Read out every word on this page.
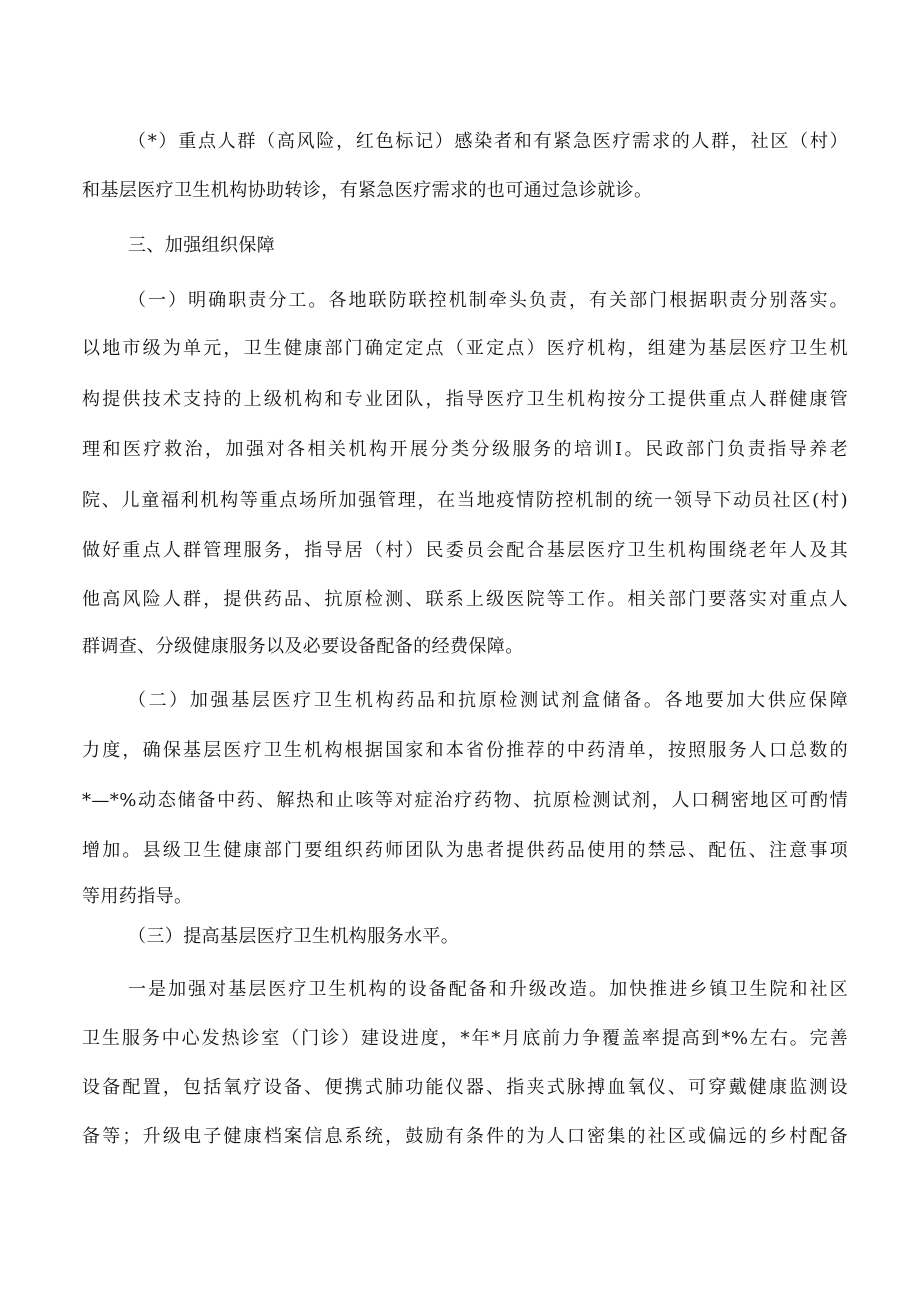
（*）重点人群（高风险，红色标记）感染者和有紧急医疗需求的人群，社区（村）
和基层医疗卫生机构协助转诊，有紧急医疗需求的也可通过急诊就诊。
三、加强组织保障
（一）明确职责分工。各地联防联控机制牵头负责，有关部门根据职责分别落实。
以地市级为单元，卫生健康部门确定定点（亚定点）医疗机构，组建为基层医疗卫生机
构提供技术支持的上级机构和专业团队，指导医疗卫生机构按分工提供重点人群健康管
理和医疗救治，加强对各相关机构开展分类分级服务的培训I。民政部门负责指导养老
院、儿童福利机构等重点场所加强管理，在当地疫情防控机制的统一领导下动员社区(村)
做好重点人群管理服务，指导居（村）民委员会配合基层医疗卫生机构围绕老年人及其
他高风险人群，提供药品、抗原检测、联系上级医院等工作。相关部门要落实对重点人
群调查、分级健康服务以及必要设备配备的经费保障。
（二）加强基层医疗卫生机构药品和抗原检测试剂盒储备。各地要加大供应保障
力度，确保基层医疗卫生机构根据国家和本省份推荐的中药清单，按照服务人口总数的
*—*%动态储备中药、解热和止咳等对症治疗药物、抗原检测试剂，人口稠密地区可酌情
增加。县级卫生健康部门要组织药师团队为患者提供药品使用的禁忌、配伍、注意事项
等用药指导。
（三）提高基层医疗卫生机构服务水平。
一是加强对基层医疗卫生机构的设备配备和升级改造。加快推进乡镇卫生院和社区
卫生服务中心发热诊室（门诊）建设进度，*年*月底前力争覆盖率提高到*%左右。完善
设备配置，包括氧疗设备、便携式肺功能仪器、指夹式脉搏血氧仪、可穿戴健康监测设
备等；升级电子健康档案信息系统，鼓励有条件的为人口密集的社区或偏远的乡村配备
